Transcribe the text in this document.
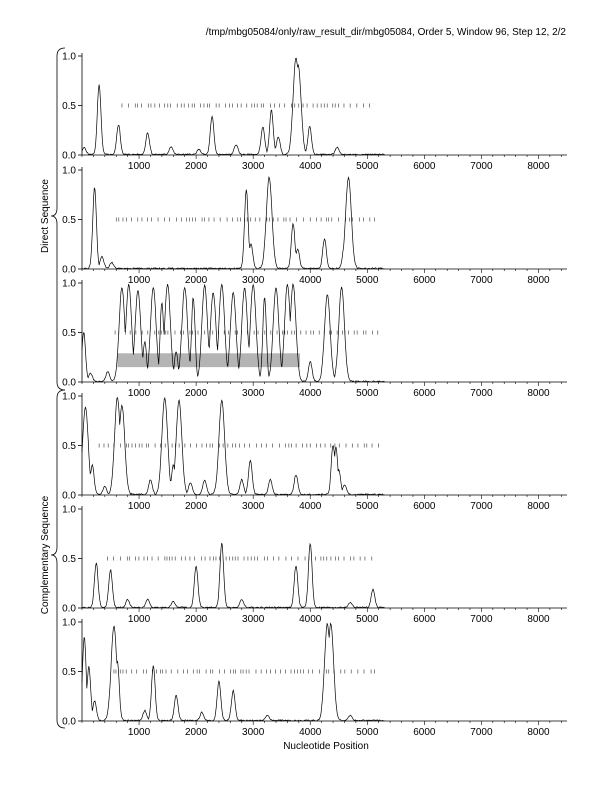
/tmp/mbg05084/only/raw_result_dir/mbg05084, Order 5, Window 96, Step 12, 2/2
Direct Sequence
Complementary Sequence
Nucleotide Position
0.0
0.5
1.0
1000	2000	3000	4000	5000	6000	7000	8000
0.0
0.5
1.0
1000	2000	3000	4000	5000	6000	7000	8000
0.0
0.5
1.0
1000	2000	3000	4000	5000	6000	7000	8000
0.0
0.5
1.0
1000	2000	3000	4000	5000	6000	7000	8000
0.0
0.5
1.0
1000	2000	3000	4000	5000	6000	7000	8000
0.0
0.5
1.0
1000	2000	3000	4000	5000	6000	7000	8000
